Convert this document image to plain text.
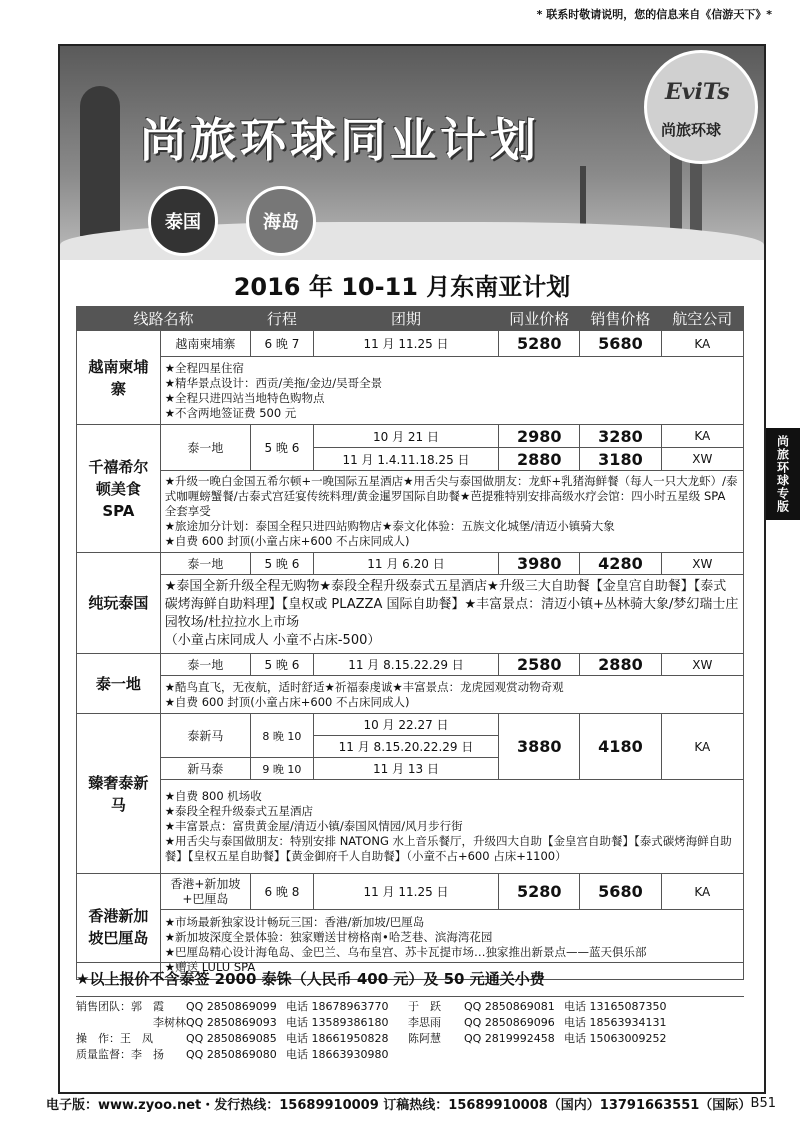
* 联系时敬请说明，您的信息来自《信游天下》*
尚旅环球同业计划
泰国	海岛
EviTs
尚旅环球
尚旅环球专版
2016 年 10-11 月东南亚计划
线路名称		行程	团期	同业价格	销售价格	航空公司
越南柬埔寨	越南柬埔寨	6 晚 7	11 月 11.25 日	5280	5680	KA

	★全程四星住宿
★精华景点设计：西贡/美拖/金边/吴哥全景
★全程只进四站当地特色购物点
★不含两地签证费 500 元					

千禧希尔顿美食SPA	泰一地	5 晚 6	10 月 21 日	2980	3280	KA
			11 月 1.4.11.18.25 日	2880	3180	XW

	★升级一晚白金国五希尔顿+一晚国际五星酒店★用舌尖与泰国做朋友：龙虾+乳猪海鲜餐（每人一只大龙虾）/泰式咖喱螃蟹餐/古泰式宫廷宴传统料理/黄金暹罗国际自助餐★芭提雅特别安排高级水疗会馆：四小时五星级 SPA 全套享受
★旅途加分计划：泰国全程只进四站购物店★泰文化体验：五族文化城堡/清迈小镇骑大象
★自费 600 封顶(小童占床+600 不占床同成人)					

纯玩泰国	泰一地	5 晚 6	11 月 6.20 日	3980	4280	XW

	★泰国全新升级全程无购物★泰段全程升级泰式五星酒店★升级三大自助餐【金皇宫自助餐】【泰式碳烤海鲜自助料理】【皇权或 PLAZZA 国际自助餐】★丰富景点：清迈小镇+丛林骑大象/梦幻瑞士庄园牧场/杜拉拉水上市场
（小童占床同成人 小童不占床-500）					

泰一地	泰一地	5 晚 6	11 月 8.15.22.29 日	2580	2880	XW

	★酷鸟直飞，无夜航，适时舒适★祈福泰虔诚★丰富景点：龙虎园观赏动物奇观
★自费 600 封顶(小童占床+600 不占床同成人)					

臻奢泰新马	泰新马	8 晚 10	10 月 22.27 日	3880	4180	KA
			11 月 8.15.20.22.29 日			
	新马泰	9 晚 10	11 月 13 日			

	★自费 800 机场收
★泰段全程升级泰式五星酒店
★丰富景点：富贵黄金屋/清迈小镇/泰国风情园/风月步行街
★用舌尖与泰国做朋友：特别安排 NATONG 水上音乐餐厅，升级四大自助【金皇宫自助餐】【泰式碳烤海鲜自助餐】【皇权五星自助餐】【黄金御府千人自助餐】（小童不占+600 占床+1100）					

香港新加坡巴厘岛	香港+新加坡+巴厘岛	6 晚 8	11 月 11.25 日	5280	5680	KA

	★市场最新独家设计畅玩三国：香港/新加坡/巴厘岛
★新加坡深度全景体验：独家赠送甘榜格南•哈芝巷、滨海湾花园
★巴厘岛精心设计海龟岛、金巴兰、乌布皇宫、苏卡瓦提市场…独家推出新景点——蓝天俱乐部
★赠送 LULU SPA					
★以上报价不含泰签 2000 泰铢（人民币 400 元）及 50 元通关小费
销售团队：郭　霞	QQ 2850869099 电话 18678963770	于　跃	QQ 2850869081 电话 13165087350
李树林 QQ 2850869093 电话 13589386180	李思雨	QQ 2850869096 电话 18563934131
操　作：王　凤	QQ 2850869085 电话 18661950828	陈阿慧	QQ 2819992458 电话 15063009252
质量监督：李　扬	QQ 2850869080 电话 18663930980
电子版：www.zyoo.net・发行热线：15689910009 订稿热线：15689910008（国内）13791663551（国际） B51
